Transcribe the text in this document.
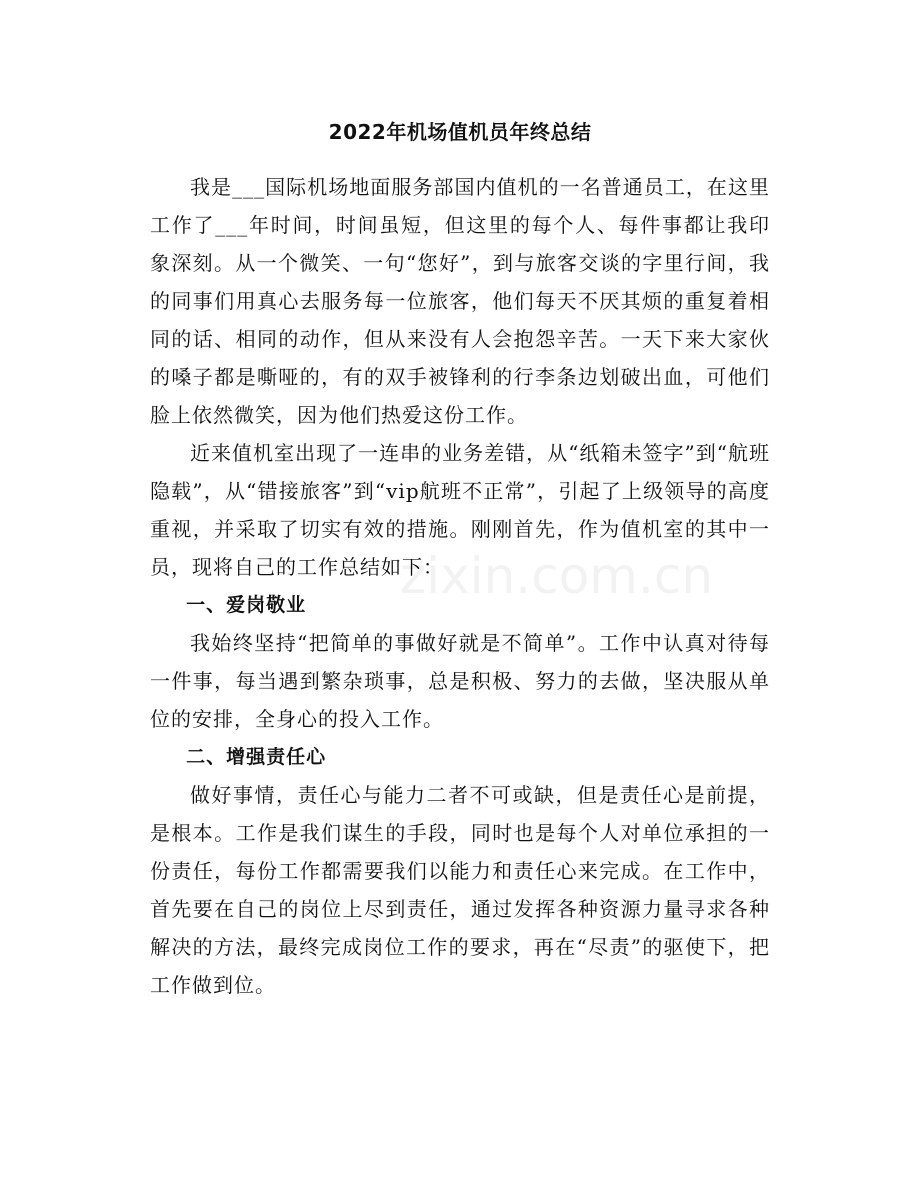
2022年机场值机员年终总结

我是___国际机场地面服务部国内值机的一名普通员工，在这里工作了___年时间，时间虽短，但这里的每个人、每件事都让我印象深刻。从一个微笑、一句“您好”，到与旅客交谈的字里行间，我的同事们用真心去服务每一位旅客，他们每天不厌其烦的重复着相同的话、相同的动作，但从来没有人会抱怨辛苦。一天下来大家伙的嗓子都是嘶哑的，有的双手被锋利的行李条边划破出血，可他们脸上依然微笑，因为他们热爱这份工作。

近来值机室出现了一连串的业务差错，从“纸箱未签字”到“航班隐载”，从“错接旅客”到“vip航班不正常”，引起了上级领导的高度重视，并采取了切实有效的措施。刚刚首先，作为值机室的其中一员，现将自己的工作总结如下：

一、爱岗敬业

我始终坚持“把简单的事做好就是不简单”。工作中认真对待每一件事，每当遇到繁杂琐事，总是积极、努力的去做，坚决服从单位的安排，全身心的投入工作。

二、增强责任心

做好事情，责任心与能力二者不可或缺，但是责任心是前提，是根本。工作是我们谋生的手段，同时也是每个人对单位承担的一份责任，每份工作都需要我们以能力和责任心来完成。在工作中，首先要在自己的岗位上尽到责任，通过发挥各种资源力量寻求各种解决的方法，最终完成岗位工作的要求，再在“尽责”的驱使下，把工作做到位。

zixin.com.cn
